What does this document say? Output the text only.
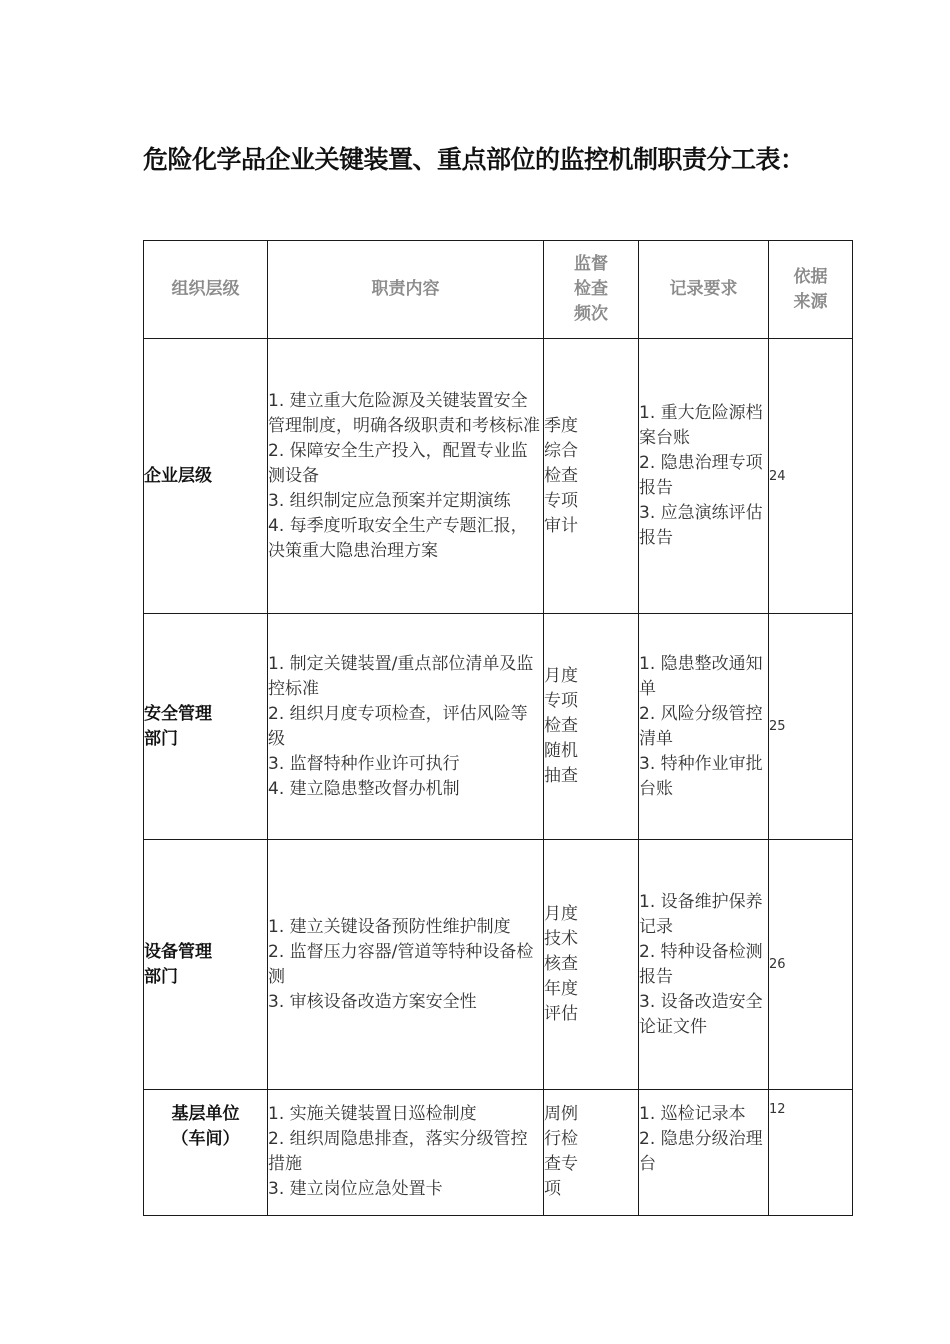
危险化学品企业关键装置、重点部位的监控机制职责分工表：
组织层级	职责内容	监督检查频次	记录要求	依据来源

企业层级	1. 建立重大危险源及关键装置安全管理制度，明确各级职责和考核标准
2. 保障安全生产投入，配置专业监测设备
3. 组织制定应急预案并定期演练
4. 每季度听取安全生产专题汇报，决策重大隐患治理方案	季度综合检查专项审计	1. 重大危险源档案台账
2. 隐患治理专项报告
3. 应急演练评估报告	24

安全管理部门	1. 制定关键装置/重点部位清单及监控标准
2. 组织月度专项检查，评估风险等级
3. 监督特种作业许可执行
4. 建立隐患整改督办机制	月度专项检查随机抽查	1. 隐患整改通知单
2. 风险分级管控清单
3. 特种作业审批台账	25

设备管理部门	1. 建立关键设备预防性维护制度
2. 监督压力容器/管道等特种设备检测
3. 审核设备改造方案安全性	月度技术核查年度评估	1. 设备维护保养记录
2. 特种设备检测报告
3. 设备改造安全论证文件	26

基层单位（车间）	1. 实施关键装置日巡检制度
2. 组织周隐患排查，落实分级管控措施
3. 建立岗位应急处置卡	周例行检查专项	1. 巡检记录本
2. 隐患分级治理台	12
